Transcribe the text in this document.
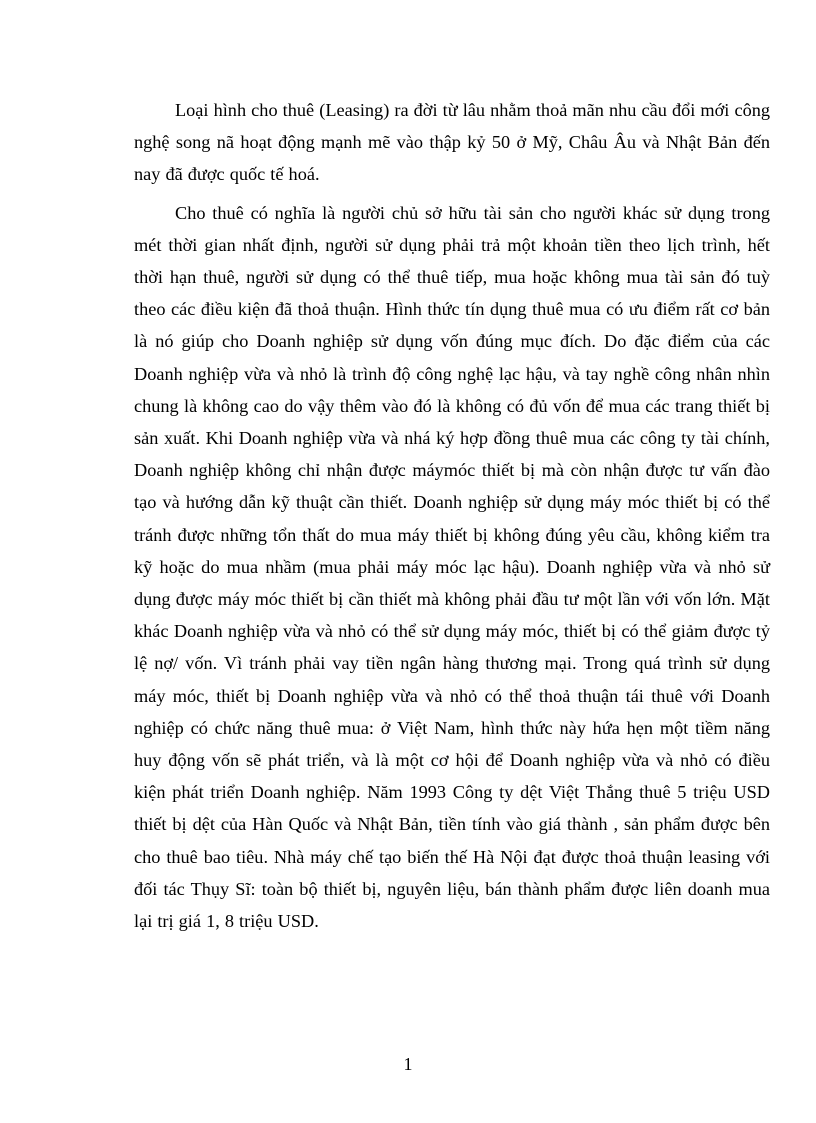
Loại hình cho thuê (Leasing) ra đời từ lâu nhằm thoả mãn nhu cầu đổi mới công nghệ song nã hoạt động mạnh mẽ vào thập kỷ 50 ở Mỹ, Châu Âu và Nhật Bản đến nay đã được quốc tế hoá.

Cho thuê có nghĩa là người chủ sở hữu tài sản cho người khác sử dụng trong mét thời gian nhất định, người sử dụng phải trả một khoản tiền theo lịch trình, hết thời hạn thuê, người sử dụng có thể thuê tiếp, mua hoặc không mua tài sản đó tuỳ theo các điều kiện đã thoả thuận. Hình thức tín dụng thuê mua có ưu điểm rất cơ bản là nó giúp cho Doanh nghiệp sử dụng vốn đúng mục đích. Do đặc điểm của các Doanh nghiệp vừa và nhỏ là trình độ công nghệ lạc hậu, và tay nghề công nhân nhìn chung là không cao do vậy thêm vào đó là không có đủ vốn để mua các trang thiết bị sản xuất. Khi Doanh nghiệp vừa và nhá ký hợp đồng thuê mua các công ty tài chính, Doanh nghiệp không chỉ nhận được máymóc thiết bị mà còn nhận được tư vấn đào tạo và hướng dẫn kỹ thuật cần thiết. Doanh nghiệp sử dụng máy móc thiết bị có thể tránh được những tổn thất do mua máy thiết bị không đúng yêu cầu, không kiểm tra kỹ hoặc do mua nhầm (mua phải máy móc lạc hậu). Doanh nghiệp vừa và nhỏ sử dụng được máy móc thiết bị cần thiết mà không phải đầu tư một lần với vốn lớn. Mặt khác Doanh nghiệp vừa và nhỏ có thể sử dụng máy móc, thiết bị có thể giảm được tỷ lệ nợ/ vốn. Vì tránh phải vay tiền ngân hàng thương mại. Trong quá trình sử dụng máy móc, thiết bị Doanh nghiệp vừa và nhỏ có thể thoả thuận tái thuê với Doanh nghiệp có chức năng thuê mua: ở Việt Nam, hình thức này hứa hẹn một tiềm năng huy động vốn sẽ phát triển, và là một cơ hội để Doanh nghiệp vừa và nhỏ có điều kiện phát triển Doanh nghiệp. Năm 1993 Công ty dệt Việt Thắng thuê 5 triệu USD thiết bị dệt của Hàn Quốc và Nhật Bản, tiền tính vào giá thành , sản phẩm được bên cho thuê bao tiêu. Nhà máy chế tạo biến thế Hà Nội đạt được thoả thuận leasing với đối tác Thụy Sĩ: toàn bộ thiết bị, nguyên liệu, bán thành phẩm được liên doanh mua lại trị giá 1, 8 triệu USD.

1
